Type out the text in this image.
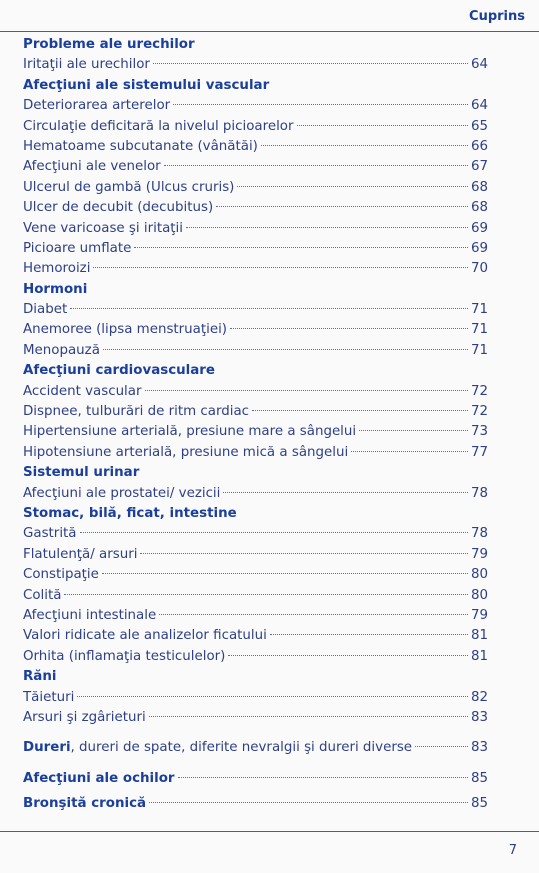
Cuprins
Probleme ale urechilor
Iritaţii ale urechilor	64
Afecţiuni ale sistemului vascular
Deteriorarea arterelor	64
Circulaţie deficitară la nivelul picioarelor	65
Hematoame subcutanate (vânătăi)	66
Afecţiuni ale venelor	67
Ulcerul de gambă (Ulcus cruris)	68
Ulcer de decubit (decubitus)	68
Vene varicoase şi iritaţii	69
Picioare umflate	69
Hemoroizi	70
Hormoni
Diabet	71
Anemoree (lipsa menstruaţiei)	71
Menopauză	71
Afecţiuni cardiovasculare
Accident vascular	72
Dispnee, tulburări de ritm cardiac	72
Hipertensiune arterială, presiune mare a sângelui	73
Hipotensiune arterială, presiune mică a sângelui	77
Sistemul urinar
Afecţiuni ale prostatei/ vezicii	78
Stomac, bilă, ficat, intestine
Gastrită	78
Flatulenţă/ arsuri	79
Constipaţie	80
Colită	80
Afecţiuni intestinale	79
Valori ridicate ale analizelor ficatului	81
Orhita (inflamaţia testiculelor)	81
Răni
Tăieturi	82
Arsuri şi zgârieturi	83
Dureri, dureri de spate, diferite nevralgii şi dureri diverse	83
Afecţiuni ale ochilor	85
Bronşită cronică	85
7
